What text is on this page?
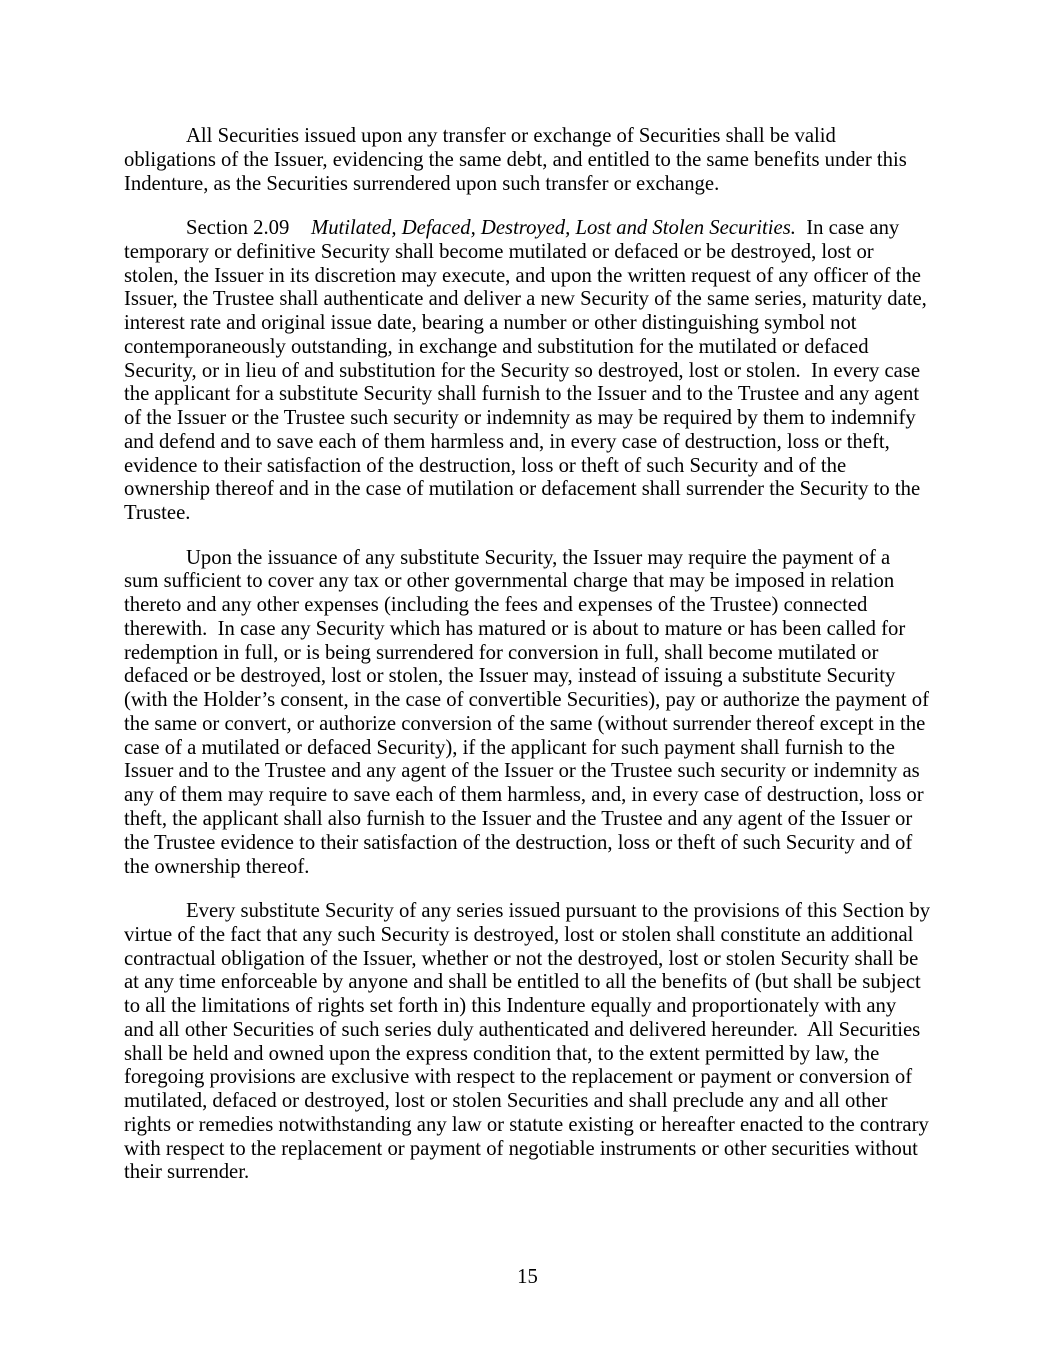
All Securities issued upon any transfer or exchange of Securities shall be valid
obligations of the Issuer, evidencing the same debt, and entitled to the same benefits under this
Indenture, as the Securities surrendered upon such transfer or exchange.
Section 2.09 Mutilated, Defaced, Destroyed, Lost and Stolen Securities.  In case any
temporary or definitive Security shall become mutilated or defaced or be destroyed, lost or
stolen, the Issuer in its discretion may execute, and upon the written request of any officer of the
Issuer, the Trustee shall authenticate and deliver a new Security of the same series, maturity date,
interest rate and original issue date, bearing a number or other distinguishing symbol not
contemporaneously outstanding, in exchange and substitution for the mutilated or defaced
Security, or in lieu of and substitution for the Security so destroyed, lost or stolen.  In every case
the applicant for a substitute Security shall furnish to the Issuer and to the Trustee and any agent
of the Issuer or the Trustee such security or indemnity as may be required by them to indemnify
and defend and to save each of them harmless and, in every case of destruction, loss or theft,
evidence to their satisfaction of the destruction, loss or theft of such Security and of the
ownership thereof and in the case of mutilation or defacement shall surrender the Security to the
Trustee.
Upon the issuance of any substitute Security, the Issuer may require the payment of a
sum sufficient to cover any tax or other governmental charge that may be imposed in relation
thereto and any other expenses (including the fees and expenses of the Trustee) connected
therewith.  In case any Security which has matured or is about to mature or has been called for
redemption in full, or is being surrendered for conversion in full, shall become mutilated or
defaced or be destroyed, lost or stolen, the Issuer may, instead of issuing a substitute Security
(with the Holder’s consent, in the case of convertible Securities), pay or authorize the payment of
the same or convert, or authorize conversion of the same (without surrender thereof except in the
case of a mutilated or defaced Security), if the applicant for such payment shall furnish to the
Issuer and to the Trustee and any agent of the Issuer or the Trustee such security or indemnity as
any of them may require to save each of them harmless, and, in every case of destruction, loss or
theft, the applicant shall also furnish to the Issuer and the Trustee and any agent of the Issuer or
the Trustee evidence to their satisfaction of the destruction, loss or theft of such Security and of
the ownership thereof.
Every substitute Security of any series issued pursuant to the provisions of this Section by
virtue of the fact that any such Security is destroyed, lost or stolen shall constitute an additional
contractual obligation of the Issuer, whether or not the destroyed, lost or stolen Security shall be
at any time enforceable by anyone and shall be entitled to all the benefits of (but shall be subject
to all the limitations of rights set forth in) this Indenture equally and proportionately with any
and all other Securities of such series duly authenticated and delivered hereunder.  All Securities
shall be held and owned upon the express condition that, to the extent permitted by law, the
foregoing provisions are exclusive with respect to the replacement or payment or conversion of
mutilated, defaced or destroyed, lost or stolen Securities and shall preclude any and all other
rights or remedies notwithstanding any law or statute existing or hereafter enacted to the contrary
with respect to the replacement or payment of negotiable instruments or other securities without
their surrender.
15
